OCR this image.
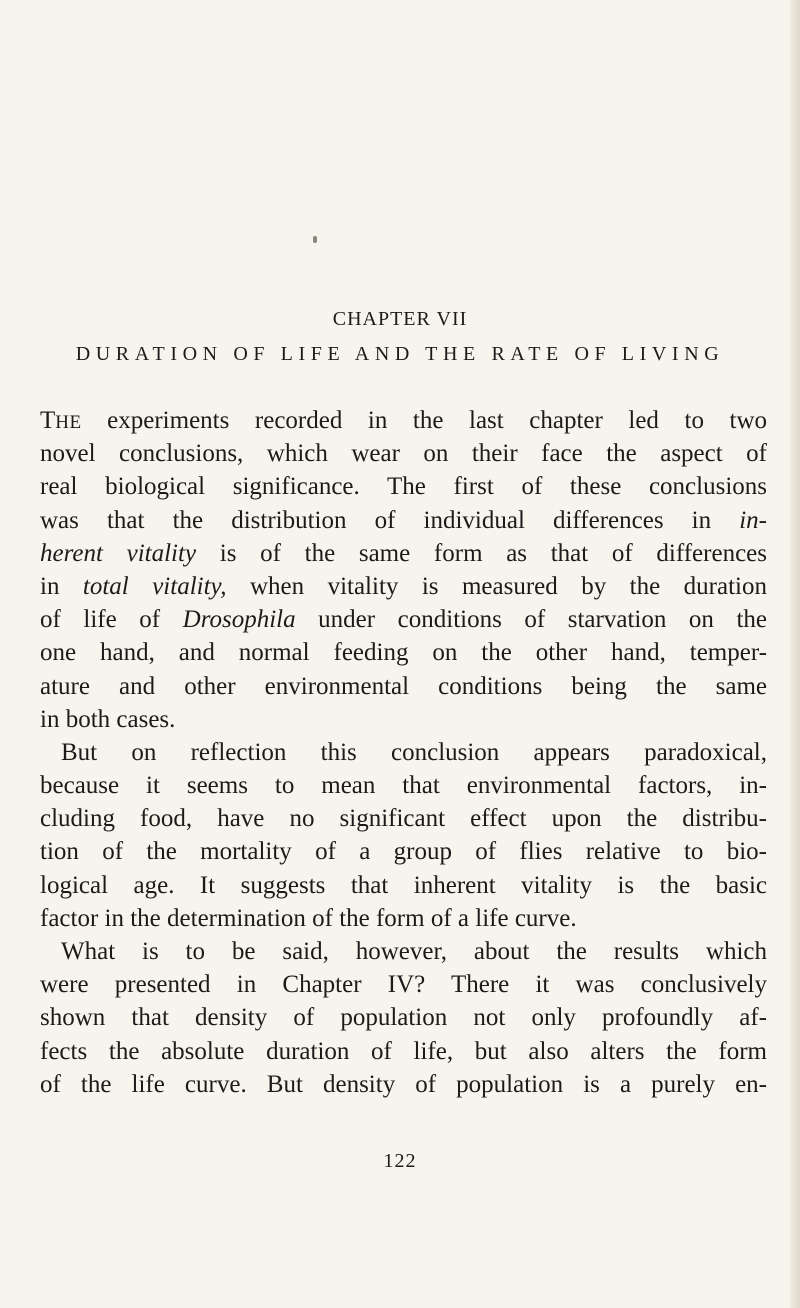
CHAPTER VII
DURATION OF LIFE AND THE RATE OF LIVING
THE experiments recorded in the last chapter led to two
novel conclusions, which wear on their face the aspect of
real biological significance. The first of these conclusions
was that the distribution of individual differences in in-
herent vitality is of the same form as that of differences
in total vitality, when vitality is measured by the duration
of life of Drosophila under conditions of starvation on the
one hand, and normal feeding on the other hand, temper-
ature and other environmental conditions being the same
in both cases.
But on reflection this conclusion appears paradoxical,
because it seems to mean that environmental factors, in-
cluding food, have no significant effect upon the distribu-
tion of the mortality of a group of flies relative to bio-
logical age. It suggests that inherent vitality is the basic
factor in the determination of the form of a life curve.
What is to be said, however, about the results which
were presented in Chapter IV? There it was conclusively
shown that density of population not only profoundly af-
fects the absolute duration of life, but also alters the form
of the life curve. But density of population is a purely en-
122
